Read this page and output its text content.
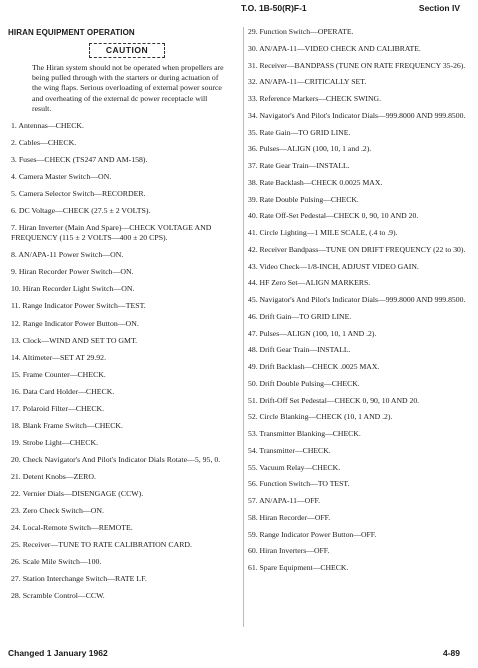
T.O. 1B-50(R)F-1	Section IV
HIRAN EQUIPMENT OPERATION
CAUTION
The Hiran system should not be operated when propellers are being pulled through with the starters or during actuation of the wing flaps. Serious overloading of external power source and overheating of the external dc power receptacle will result.
1. Antennas—CHECK.
2. Cables—CHECK.
3. Fuses—CHECK (TS247 AND AM-158).
4. Camera Master Switch—ON.
5. Camera Selector Switch—RECORDER.
6. DC Voltage—CHECK (27.5 ± 2 VOLTS).
7. Hiran Inverter (Main And Spare)—CHECK VOLTAGE AND FREQUENCY (115 ± 2 VOLTS—400 ± 20 CPS).
8. AN/APA-11 Power Switch—ON.
9. Hiran Recorder Power Switch—ON.
10. Hiran Recorder Light Switch—ON.
11. Range Indicator Power Switch—TEST.
12. Range Indicator Power Button—ON.
13. Clock—WIND AND SET TO GMT.
14. Altimeter—SET AT 29.92.
15. Frame Counter—CHECK.
16. Data Card Holder—CHECK.
17. Polaroid Filter—CHECK.
18. Blank Frame Switch—CHECK.
19. Strobe Light—CHECK.
20. Check Navigator's And Pilot's Indicator Dials Rotate—5, 95, 0.
21. Detent Knobs—ZERO.
22. Vernier Dials—DISENGAGE (CCW).
23. Zero Check Switch—ON.
24. Local-Remote Switch—REMOTE.
25. Receiver—TUNE TO RATE CALIBRATION CARD.
26. Scale Mile Switch—100.
27. Station Interchange Switch—RATE LF.
28. Scramble Control—CCW.
29. Function Switch—OPERATE.
30. AN/APA-11—VIDEO CHECK AND CALIBRATE.
31. Receiver—BANDPASS (TUNE ON RATE FREQUENCY 35-26).
32. AN/APA-11—CRITICALLY SET.
33. Reference Markers—CHECK SWING.
34. Navigator's And Pilot's Indicator Dials—999.8000 AND 999.8500.
35. Rate Gain—TO GRID LINE.
36. Pulses—ALIGN (100, 10, 1 and .2).
37. Rate Gear Train—INSTALL.
38. Rate Backlash—CHECK 0.0025 MAX.
39. Rate Double Pulsing—CHECK.
40. Rate Off-Set Pedestal—CHECK 0, 90, 10 AND 20.
41. Circle Lighting—1 MILE SCALE, (.4 to .9).
42. Receiver Bandpass—TUNE ON DRIFT FREQUENCY (22 to 30).
43. Video Check—1/8-INCH, ADJUST VIDEO GAIN.
44. HF Zero Set—ALIGN MARKERS.
45. Navigator's And Pilot's Indicator Dials—999.8000 AND 999.8500.
46. Drift Gain—TO GRID LINE.
47. Pulses—ALIGN (100, 10, 1 AND .2).
48. Drift Gear Train—INSTALL.
49. Drift Backlash—CHECK .0025 MAX.
50. Drift Double Pulsing—CHECK.
51. Drift-Off Set Pedestal—CHECK 0, 90, 10 AND 20.
52. Circle Blanking—CHECK (10, 1 AND .2).
53. Transmitter Blanking—CHECK.
54. Transmitter—CHECK.
55. Vacuum Relay—CHECK.
56. Function Switch—TO TEST.
57. AN/APA-11—OFF.
58. Hiran Recorder—OFF.
59. Range Indicator Power Button—OFF.
60. Hiran Inverters—OFF.
61. Spare Equipment—CHECK.
Changed 1 January 1962	4-89
